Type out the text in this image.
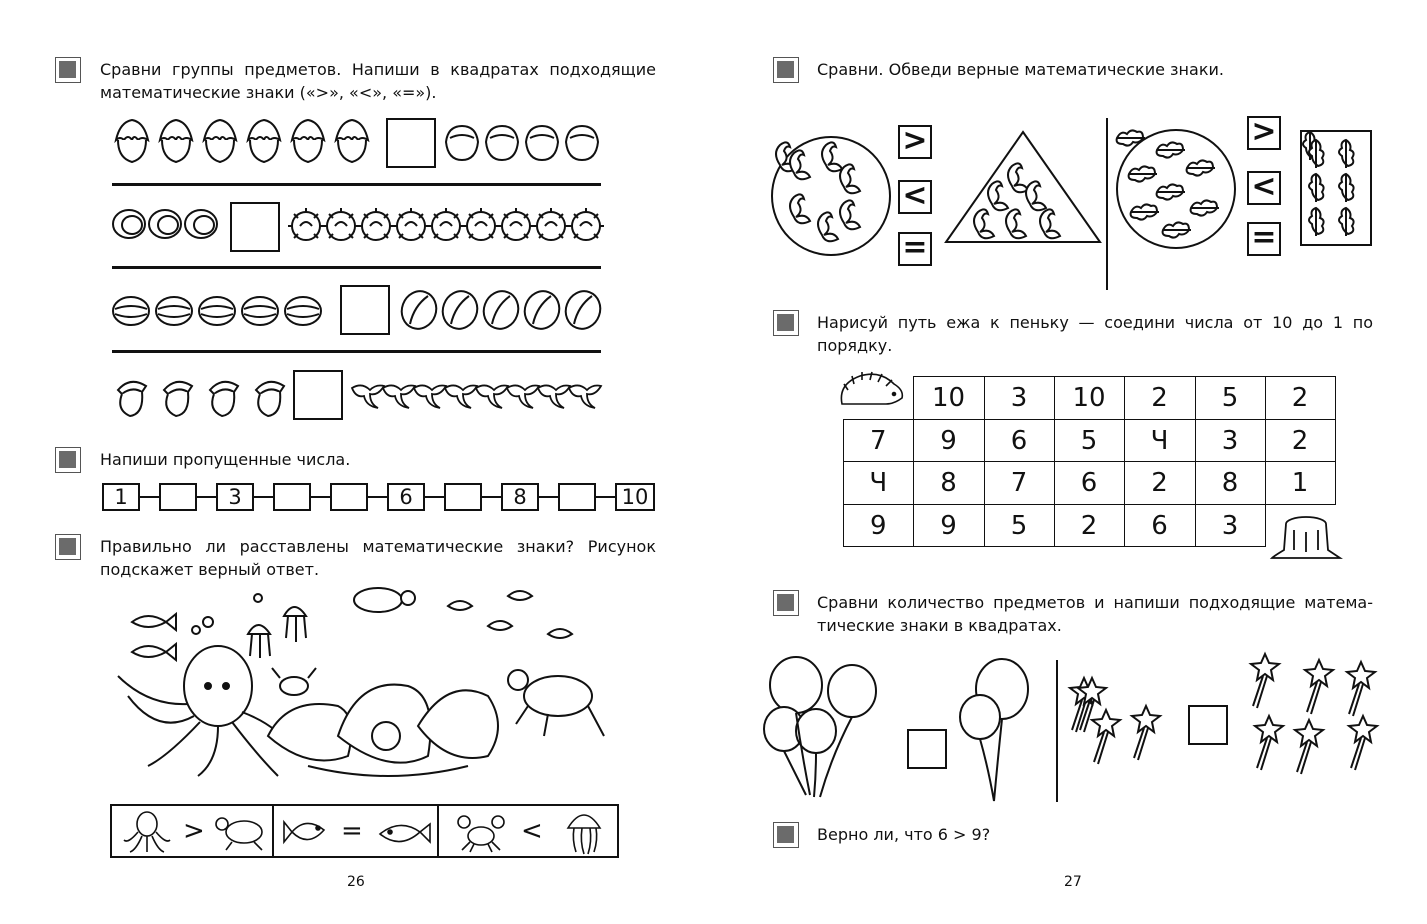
Сравни группы предметов. Напиши в квадратах подходящие математические знаки («>», «<», «=»).
Напиши пропущенные числа.
1	3	6	8	10
Правильно ли расставлены математические знаки? Рисунок подскажет верный ответ.
>	=	<
26
Сравни. Обведи верные математические знаки.
>
<
=
>
<
=
Нарисуй путь ежа к пеньку — соедини числа от 10 до 1 по порядку.
	10	3	10	2	5	2
7	9	6	5	Ч	3	2
Ч	8	7	6	2	8	1
9	9	5	2	6	3	
Сравни количество предметов и напиши подходящие матема-тические знаки в квадратах.
Верно ли, что 6 > 9?
27
